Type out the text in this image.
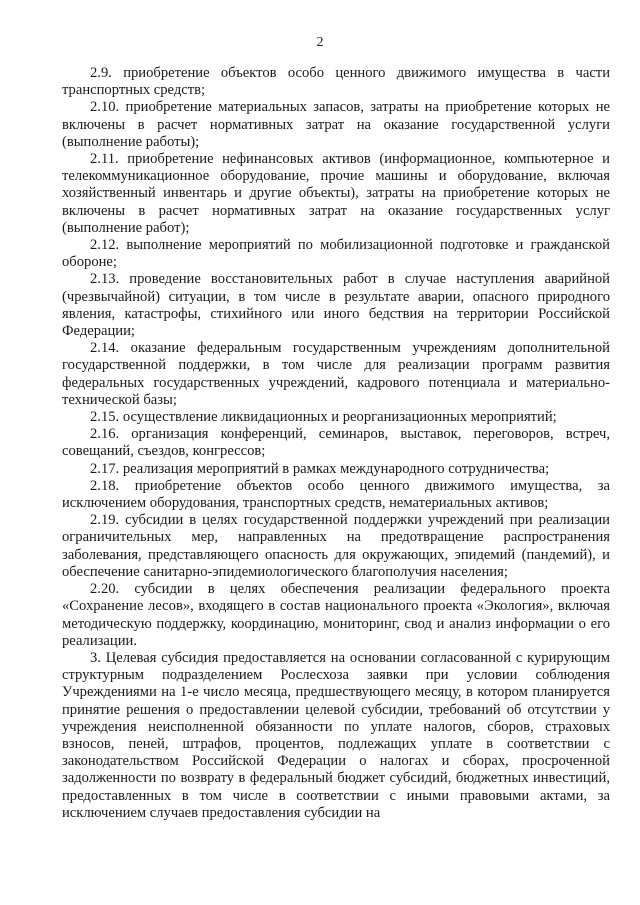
2

2.9. приобретение объектов особо ценного движимого имущества в части транспортных средств;

2.10. приобретение материальных запасов, затраты на приобретение которых не включены в расчет нормативных затрат на оказание государственной услуги (выполнение работы);

2.11. приобретение нефинансовых активов (информационное, компьютерное и телекоммуникационное оборудование, прочие машины и оборудование, включая хозяйственный инвентарь и другие объекты), затраты на приобретение которых не включены в расчет нормативных затрат на оказание государственных услуг (выполнение работ);

2.12. выполнение мероприятий по мобилизационной подготовке и гражданской обороне;

2.13. проведение восстановительных работ в случае наступления аварийной (чрезвычайной) ситуации, в том числе в результате аварии, опасного природного явления, катастрофы, стихийного или иного бедствия на территории Российской Федерации;

2.14. оказание федеральным государственным учреждениям дополнительной государственной поддержки, в том числе для реализации программ развития федеральных государственных учреждений, кадрового потенциала и материально-технической базы;

2.15. осуществление ликвидационных и реорганизационных мероприятий;

2.16. организация конференций, семинаров, выставок, переговоров, встреч, совещаний, съездов, конгрессов;

2.17. реализация мероприятий в рамках международного сотрудничества;

2.18. приобретение объектов особо ценного движимого имущества, за исключением оборудования, транспортных средств, нематериальных активов;

2.19. субсидии в целях государственной поддержки учреждений при реализации ограничительных мер, направленных на предотвращение распространения заболевания, представляющего опасность для окружающих, эпидемий (пандемий), и обеспечение санитарно-эпидемиологического благополучия населения;

2.20. субсидии в целях обеспечения реализации федерального проекта «Сохранение лесов», входящего в состав национального проекта «Экология», включая методическую поддержку, координацию, мониторинг, свод и анализ информации о его реализации.

3. Целевая субсидия предоставляется на основании согласованной с курирующим структурным подразделением Рослесхоза заявки при условии соблюдения Учреждениями на 1-е число месяца, предшествующего месяцу, в котором планируется принятие решения о предоставлении целевой субсидии, требований об отсутствии у учреждения неисполненной обязанности по уплате налогов, сборов, страховых взносов, пеней, штрафов, процентов, подлежащих уплате в соответствии с законодательством Российской Федерации о налогах и сборах, просроченной задолженности по возврату в федеральный бюджет субсидий, бюджетных инвестиций, предоставленных в том числе в соответствии с иными правовыми актами, за исключением случаев предоставления субсидии на
